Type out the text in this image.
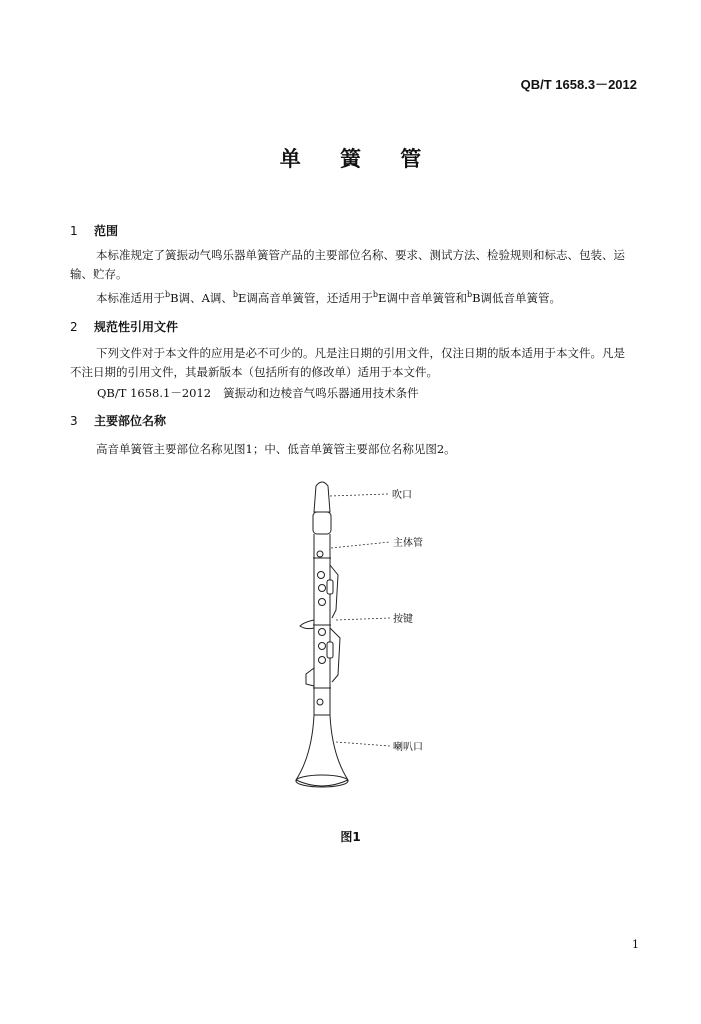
QB/T 1658.3－2012
单 簧 管
1 范围

本标准规定了簧振动气鸣乐器单簧管产品的主要部位名称、要求、测试方法、检验规则和标志、包装、运输、贮存。

本标准适用于$^b$B调、A调、$^b$E调高音单簧管，还适用于$^b$E调中音单簧管和$^b$B调低音单簧管。

2 规范性引用文件

下列文件对于本文件的应用是必不可少的。凡是注日期的引用文件，仅注日期的版本适用于本文件。凡是不注日期的引用文件，其最新版本（包括所有的修改单）适用于本文件。

QB/T 1658.1－2012 簧振动和边棱音气鸣乐器通用技术条件
3 主要部位名称

高音单簧管主要部位名称见图1；中、低音单簧管主要部位名称见图2。

吹口
主体管
按键
喇叭口
图1
1
